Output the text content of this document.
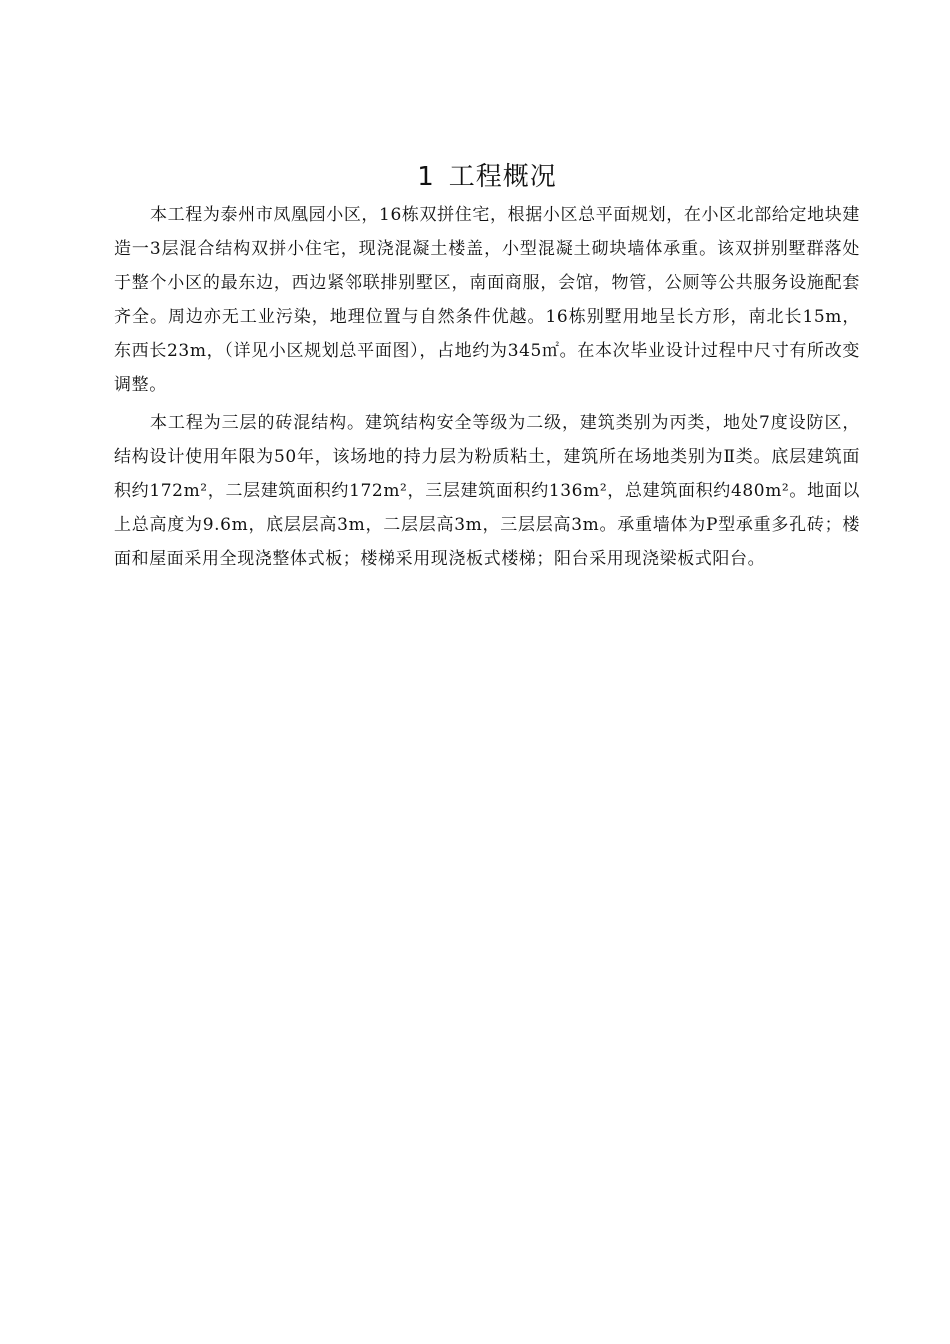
1 工程概况

本工程为泰州市凤凰园小区，16栋双拼住宅，根据小区总平面规划，在小区北部给定地块建造一3层混合结构双拼小住宅，现浇混凝土楼盖，小型混凝土砌块墙体承重。该双拼别墅群落处于整个小区的最东边，西边紧邻联排别墅区，南面商服，会馆，物管，公厕等公共服务设施配套齐全。周边亦无工业污染，地理位置与自然条件优越。16栋别墅用地呈长方形，南北长15m，东西长23m，（详见小区规划总平面图），占地约为345㎡。在本次毕业设计过程中尺寸有所改变调整。

本工程为三层的砖混结构。建筑结构安全等级为二级，建筑类别为丙类，地处7度设防区，结构设计使用年限为50年，该场地的持力层为粉质粘土，建筑所在场地类别为Ⅱ类。底层建筑面积约172m²，二层建筑面积约172m²，三层建筑面积约136m²，总建筑面积约480m²。地面以上总高度为9.6m，底层层高3m，二层层高3m，三层层高3m。承重墙体为P型承重多孔砖；楼面和屋面采用全现浇整体式板；楼梯采用现浇板式楼梯；阳台采用现浇梁板式阳台。
